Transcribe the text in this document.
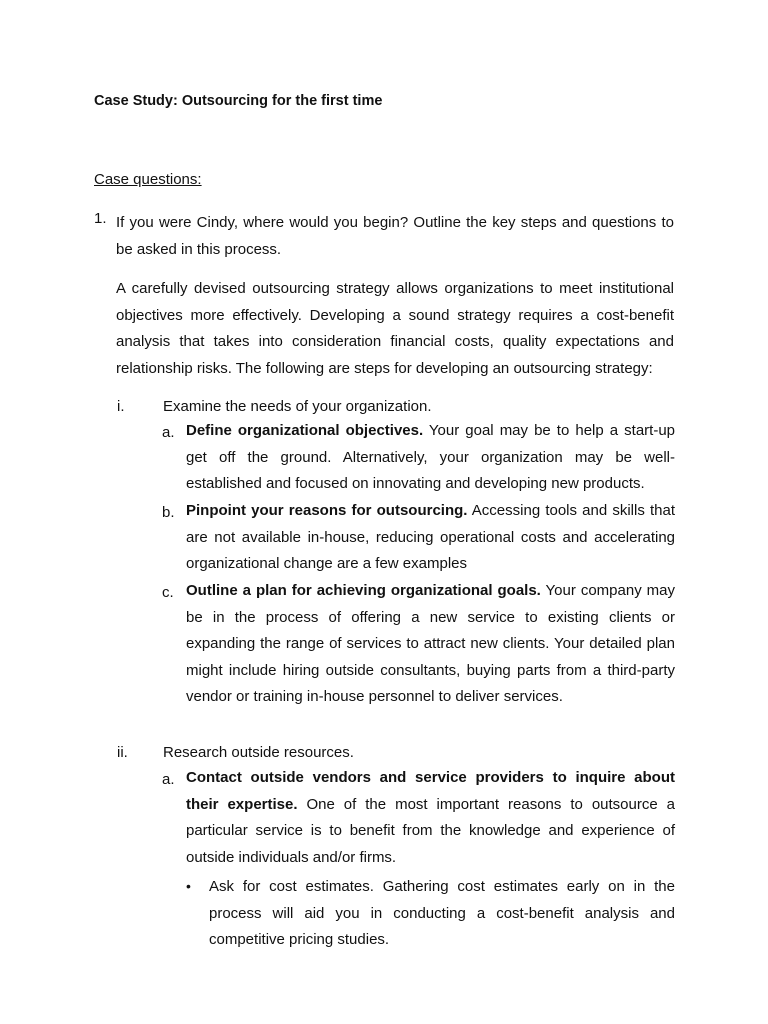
Case Study: Outsourcing for the first time
Case questions:
1. If you were Cindy, where would you begin? Outline the key steps and questions to be asked in this process.
A carefully devised outsourcing strategy allows organizations to meet institutional objectives more effectively. Developing a sound strategy requires a cost-benefit analysis that takes into consideration financial costs, quality expectations and relationship risks. The following are steps for developing an outsourcing strategy:
i.	Examine the needs of your organization.
a. Define organizational objectives. Your goal may be to help a start-up get off the ground. Alternatively, your organization may be well-established and focused on innovating and developing new products.
b. Pinpoint your reasons for outsourcing. Accessing tools and skills that are not available in-house, reducing operational costs and accelerating organizational change are a few examples
c. Outline a plan for achieving organizational goals. Your company may be in the process of offering a new service to existing clients or expanding the range of services to attract new clients. Your detailed plan might include hiring outside consultants, buying parts from a third-party vendor or training in-house personnel to deliver services.
ii. Research outside resources.
a. Contact outside vendors and service providers to inquire about their expertise. One of the most important reasons to outsource a particular service is to benefit from the knowledge and experience of outside individuals and/or firms.
• Ask for cost estimates. Gathering cost estimates early on in the process will aid you in conducting a cost-benefit analysis and competitive pricing studies.
